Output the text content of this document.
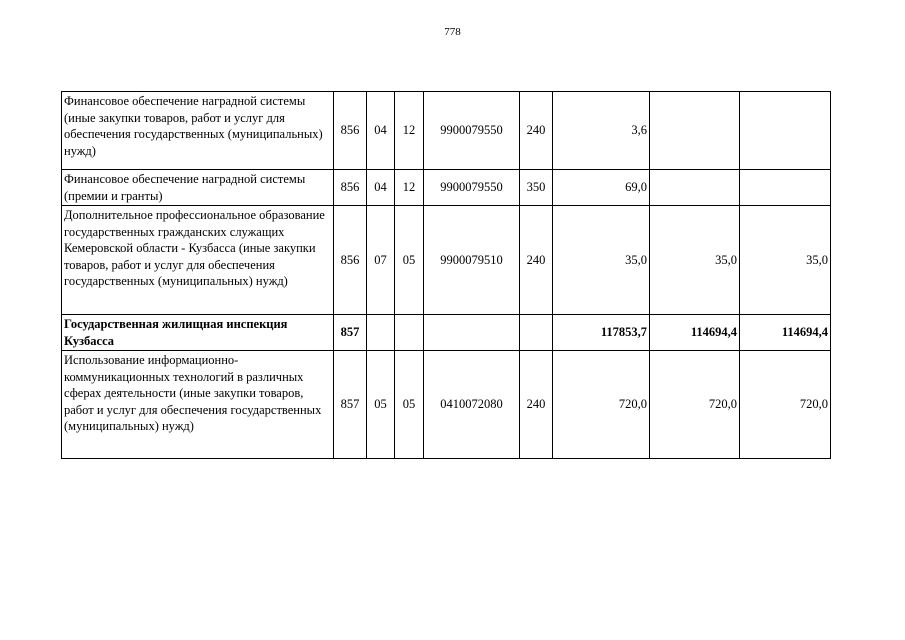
778
Финансовое обеспечение наградной системы (иные закупки товаров, работ и услуг для обеспечения государственных (муниципальных) нужд)	856	04	12	9900079550	240	3,6		
Финансовое обеспечение наградной системы (премии и гранты)	856	04	12	9900079550	350	69,0		
Дополнительное профессиональное образование государственных гражданских служащих Кемеровской области - Кузбасса (иные закупки товаров, работ и услуг для обеспечения государственных (муниципальных) нужд)	856	07	05	9900079510	240	35,0	35,0	35,0
Государственная жилищная инспекция Кузбасса	857					117853,7	114694,4	114694,4
Использование информационно-коммуникационных технологий в различных сферах деятельности (иные закупки товаров, работ и услуг для обеспечения государственных (муниципальных) нужд)	857	05	05	0410072080	240	720,0	720,0	720,0
